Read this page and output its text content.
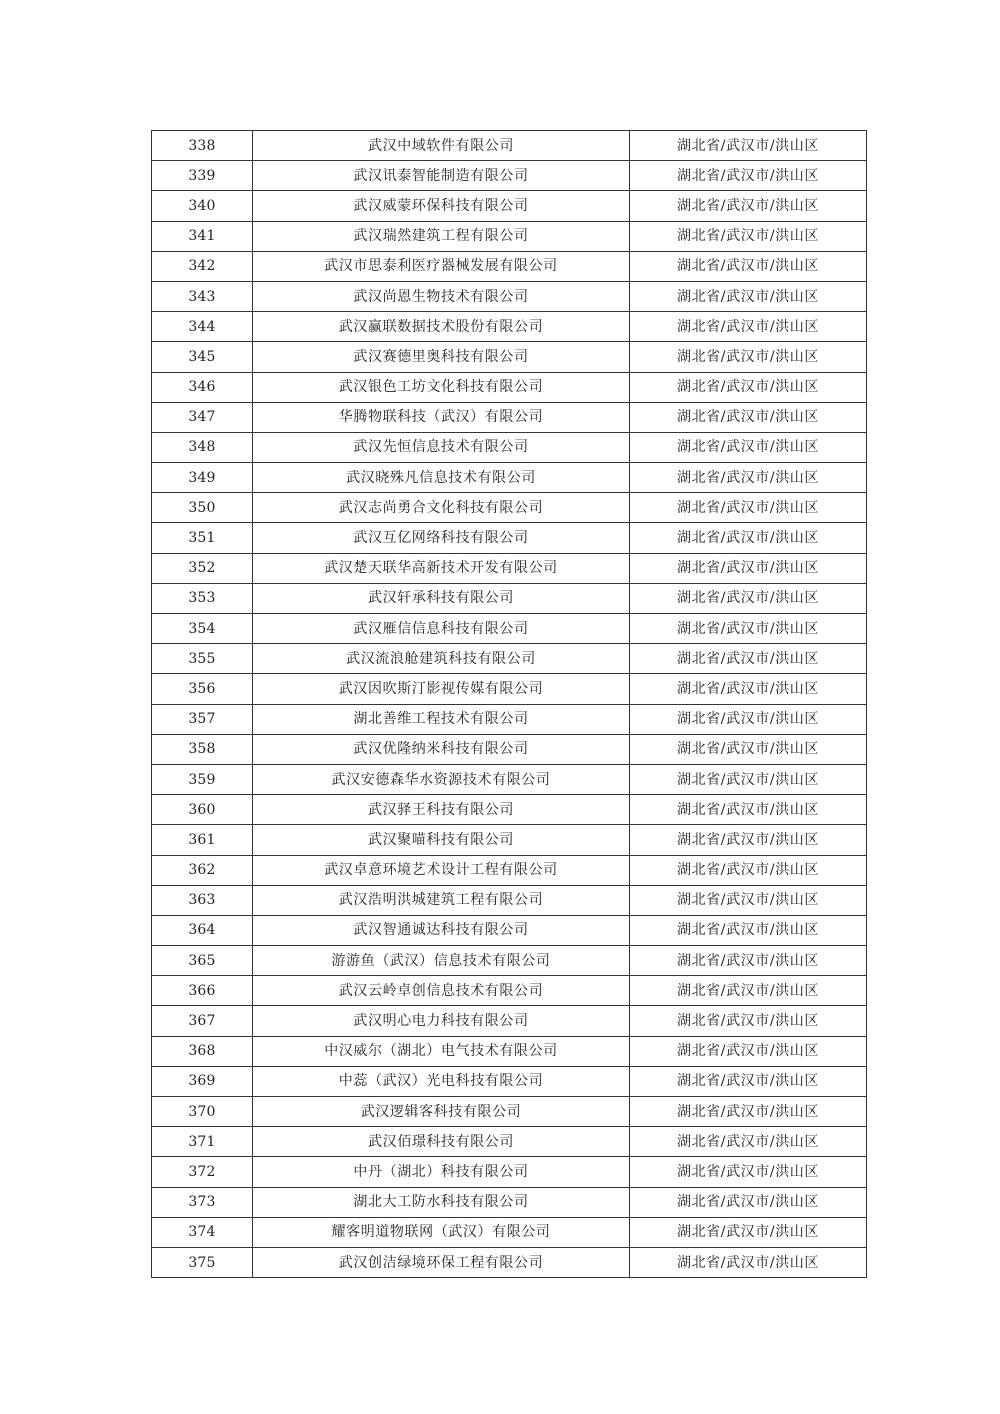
338	武汉中域软件有限公司	湖北省/武汉市/洪山区
339	武汉讯泰智能制造有限公司	湖北省/武汉市/洪山区
340	武汉威蒙环保科技有限公司	湖北省/武汉市/洪山区
341	武汉瑞然建筑工程有限公司	湖北省/武汉市/洪山区
342	武汉市思泰利医疗器械发展有限公司	湖北省/武汉市/洪山区
343	武汉尚恩生物技术有限公司	湖北省/武汉市/洪山区
344	武汉赢联数据技术股份有限公司	湖北省/武汉市/洪山区
345	武汉赛德里奥科技有限公司	湖北省/武汉市/洪山区
346	武汉银色工坊文化科技有限公司	湖北省/武汉市/洪山区
347	华腾物联科技（武汉）有限公司	湖北省/武汉市/洪山区
348	武汉先恒信息技术有限公司	湖北省/武汉市/洪山区
349	武汉晓殊凡信息技术有限公司	湖北省/武汉市/洪山区
350	武汉志尚勇合文化科技有限公司	湖北省/武汉市/洪山区
351	武汉互亿网络科技有限公司	湖北省/武汉市/洪山区
352	武汉楚天联华高新技术开发有限公司	湖北省/武汉市/洪山区
353	武汉轩承科技有限公司	湖北省/武汉市/洪山区
354	武汉雁信信息科技有限公司	湖北省/武汉市/洪山区
355	武汉流浪舱建筑科技有限公司	湖北省/武汉市/洪山区
356	武汉因吹斯汀影视传媒有限公司	湖北省/武汉市/洪山区
357	湖北善维工程技术有限公司	湖北省/武汉市/洪山区
358	武汉优隆纳米科技有限公司	湖北省/武汉市/洪山区
359	武汉安德森华水资源技术有限公司	湖北省/武汉市/洪山区
360	武汉驿王科技有限公司	湖北省/武汉市/洪山区
361	武汉聚喵科技有限公司	湖北省/武汉市/洪山区
362	武汉卓意环境艺术设计工程有限公司	湖北省/武汉市/洪山区
363	武汉浩明洪城建筑工程有限公司	湖北省/武汉市/洪山区
364	武汉智通诚达科技有限公司	湖北省/武汉市/洪山区
365	游游鱼（武汉）信息技术有限公司	湖北省/武汉市/洪山区
366	武汉云岭卓创信息技术有限公司	湖北省/武汉市/洪山区
367	武汉明心电力科技有限公司	湖北省/武汉市/洪山区
368	中汉威尔（湖北）电气技术有限公司	湖北省/武汉市/洪山区
369	中蕊（武汉）光电科技有限公司	湖北省/武汉市/洪山区
370	武汉逻辑客科技有限公司	湖北省/武汉市/洪山区
371	武汉佰璟科技有限公司	湖北省/武汉市/洪山区
372	中丹（湖北）科技有限公司	湖北省/武汉市/洪山区
373	湖北大工防水科技有限公司	湖北省/武汉市/洪山区
374	耀客明道物联网（武汉）有限公司	湖北省/武汉市/洪山区
375	武汉创洁绿境环保工程有限公司	湖北省/武汉市/洪山区
